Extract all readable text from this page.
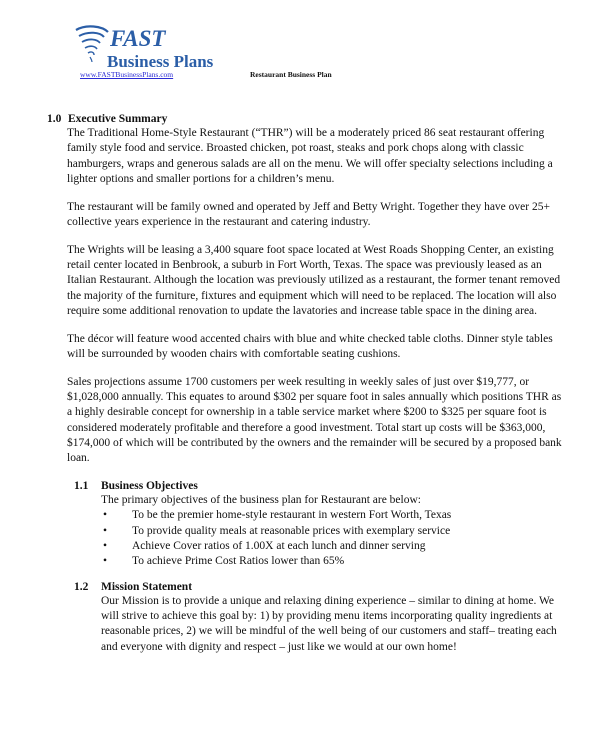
FAST
Business Plans
www.FASTBusinessPlans.com	Restaurant Business Plan
1.0 Executive Summary

The Traditional Home-Style Restaurant (“THR”) will be a moderately priced 86 seat restaurant offering family style food and service. Broasted chicken, pot roast, steaks and pork chops along with classic hamburgers, wraps and generous salads are all on the menu. We will offer specialty selections including a lighter options and smaller portions for a children’s menu.

The restaurant will be family owned and operated by Jeff and Betty Wright. Together they have over 25+ collective years experience in the restaurant and catering industry.

The Wrights will be leasing a 3,400 square foot space located at West Roads Shopping Center, an existing retail center located in Benbrook, a suburb in Fort Worth, Texas. The space was previously leased as an Italian Restaurant. Although the location was previously utilized as a restaurant, the former tenant removed the majority of the furniture, fixtures and equipment which will need to be replaced. The location will also require some additional renovation to update the lavatories and increase table space in the dining area.

The décor will feature wood accented chairs with blue and white checked table cloths. Dinner style tables will be surrounded by wooden chairs with comfortable seating cushions.

Sales projections assume 1700 customers per week resulting in weekly sales of just over $19,777, or $1,028,000 annually. This equates to around $302 per square foot in sales annually which positions THR as a highly desirable concept for ownership in a table service market where $200 to $325 per square foot is considered moderately profitable and therefore a good investment. Total start up costs will be $363,000, $174,000 of which will be contributed by the owners and the remainder will be secured by a proposed bank loan.

1.1	Business Objectives

The primary objectives of the business plan for Restaurant are below:

• To be the premier home-style restaurant in western Fort Worth, Texas
• To provide quality meals at reasonable prices with exemplary service
• Achieve Cover ratios of 1.00X at each lunch and dinner serving
• To achieve Prime Cost Ratios lower than 65%
1.2	Mission Statement

Our Mission is to provide a unique and relaxing dining experience – similar to dining at home. We will strive to achieve this goal by: 1) by providing menu items incorporating quality ingredients at reasonable prices, 2) we will be mindful of the well being of our customers and staff– treating each and everyone with dignity and respect – just like we would at our own home!
